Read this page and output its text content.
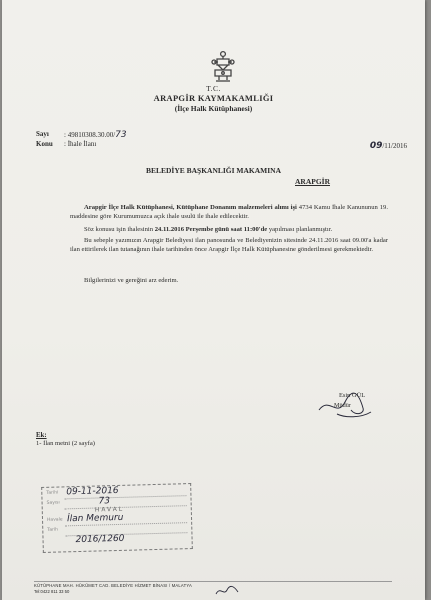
T.C.
ARAPGİR KAYMAKAMLIĞI
(İlçe Halk Kütüphanesi)
Sayı : 49810308.30.00/73
Konu : İhale İlanı	09/11/2016
BELEDİYE BAŞKANLIĞI MAKAMINA
ARAPGİR
Arapgir İlçe Halk Kütüphanesi, Kütüphane Donanım malzemeleri alımı işi 4734 Kamu İhale Kanununun 19. maddesine göre Kurumumuzca açık ihale usulü ile ihale edilecektir.
Söz konusu işin ihalesinin 24.11.2016 Perşembe günü saat 11:00'de yapılması planlanmıştır.
Bu sebeple yazımızın Arapgir Belediyesi ilan panosunda ve Belediyenizin sitesinde 24.11.2016 saat 09.00'a kadar ilan ettirilerek ilan tutanağının ihale tarihinden önce Arapgir İlçe Halk Kütüphanesine gönderilmesi gerekmektedir.
Bilgilerinizi ve gereğini arz ederim.
Esin GÜL
Müdür
Ek:
1- İlan metni (2 sayfa)
Tarihi 09-11-2016
Sayısı	73
HAVAL
Havale İlan Memuru
Tarih
2016/1260
KÜTÜPHANE MAH. HÜKÜMET CAD. BELEDİYE HİZMET BİNASI / MALATYA
Tel:0422 811 33 50
